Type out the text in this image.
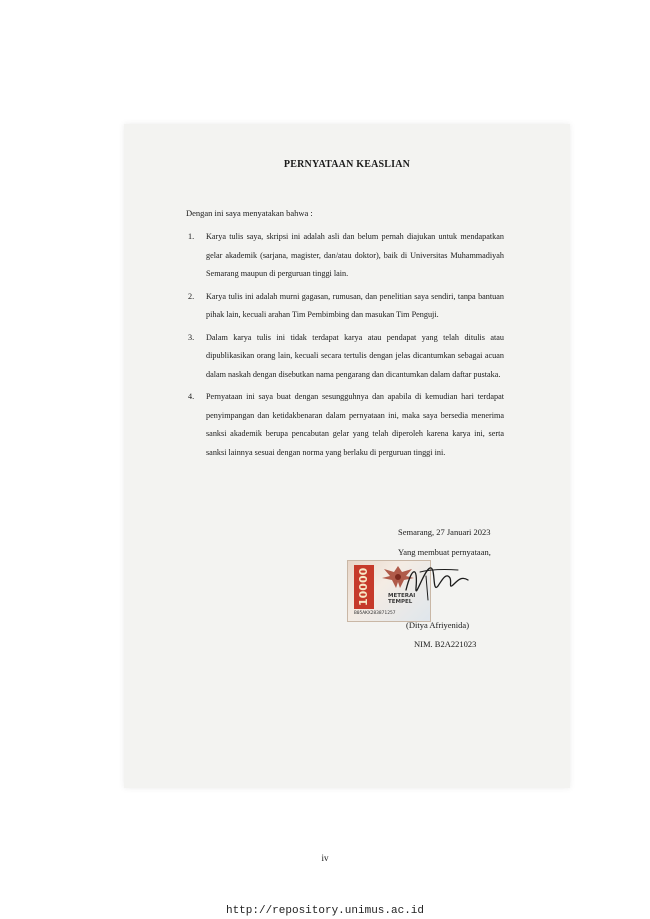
PERNYATAAN KEASLIAN
Dengan ini saya menyatakan bahwa :
1. Karya tulis saya, skripsi ini adalah asli dan belum pernah diajukan untuk mendapatkan gelar akademik (sarjana, magister, dan/atau doktor), baik di Universitas Muhammadiyah Semarang maupun di perguruan tinggi lain.
2. Karya tulis ini adalah murni gagasan, rumusan, dan penelitian saya sendiri, tanpa bantuan pihak lain, kecuali arahan Tim Pembimbing dan masukan Tim Penguji.
3. Dalam karya tulis ini tidak terdapat karya atau pendapat yang telah ditulis atau dipublikasikan orang lain, kecuali secara tertulis dengan jelas dicantumkan sebagai acuan dalam naskah dengan disebutkan nama pengarang dan dicantumkan dalam daftar pustaka.
4. Pernyataan ini saya buat dengan sesungguhnya dan apabila di kemudian hari terdapat penyimpangan dan ketidakbenaran dalam pernyataan ini, maka saya bersedia menerima sanksi akademik berupa pencabutan gelar yang telah diperoleh karena karya ini, serta sanksi lainnya sesuai dengan norma yang berlaku di perguruan tinggi ini.
Semarang, 27 Januari 2023
Yang membuat pernyataan,
10000	METERAI
TEMPEL
B05AKX283871257
(Ditya Afriyenida)
NIM. B2A221023
iv
http://repository.unimus.ac.id
